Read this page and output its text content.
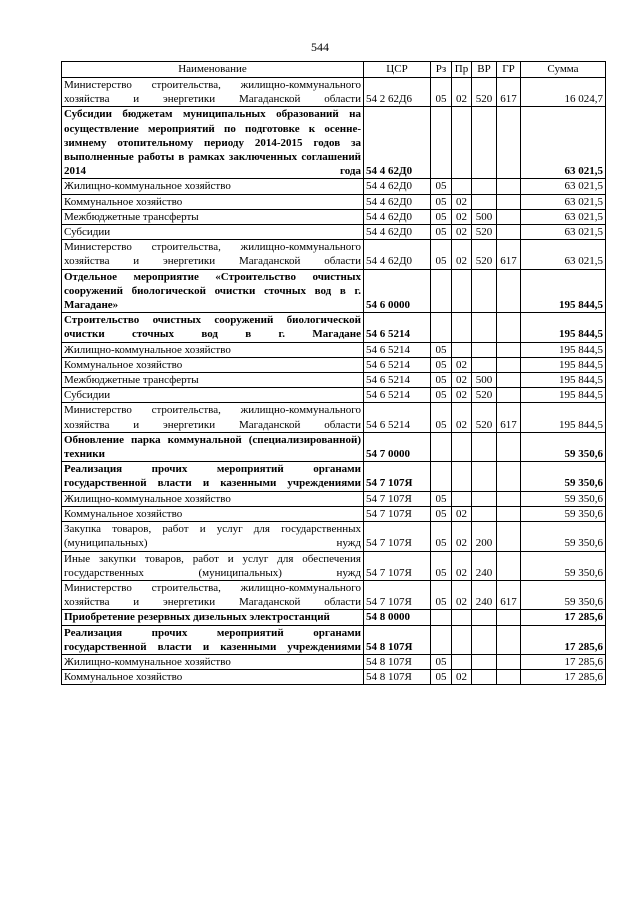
544
Наименование	ЦСР	Рз	Пр	ВР	ГР	Сумма
Министерство строительства, жилищно-коммунального хозяйства и энергетики Магаданской области	54 2 62Д6	05	02	520	617	16 024,7
Субсидии бюджетам муниципальных образований на осуществление мероприятий по подготовке к осенне-зимнему отопительному периоду 2014-2015 годов за выполненные работы в рамках заключенных соглашений 2014 года	54 4 62Д0					63 021,5
Жилищно-коммунальное хозяйство	54 4 62Д0	05				63 021,5
Коммунальное хозяйство	54 4 62Д0	05	02			63 021,5
Межбюджетные трансферты	54 4 62Д0	05	02	500		63 021,5
Субсидии	54 4 62Д0	05	02	520		63 021,5
Министерство строительства, жилищно-коммунального хозяйства и энергетики Магаданской области	54 4 62Д0	05	02	520	617	63 021,5
Отдельное мероприятие «Строительство очистных сооружений биологической очистки сточных вод в г. Магадане»	54 6 0000					195 844,5
Строительство очистных сооружений биологической очистки сточных вод в г. Магадане	54 6 5214					195 844,5
Жилищно-коммунальное хозяйство	54 6 5214	05				195 844,5
Коммунальное хозяйство	54 6 5214	05	02			195 844,5
Межбюджетные трансферты	54 6 5214	05	02	500		195 844,5
Субсидии	54 6 5214	05	02	520		195 844,5
Министерство строительства, жилищно-коммунального хозяйства и энергетики Магаданской области	54 6 5214	05	02	520	617	195 844,5
Обновление парка коммунальной (специализированной) техники	54 7 0000					59 350,6
Реализация прочих мероприятий органами государственной власти и казенными учреждениями	54 7 107Я					59 350,6
Жилищно-коммунальное хозяйство	54 7 107Я	05				59 350,6
Коммунальное хозяйство	54 7 107Я	05	02			59 350,6
Закупка товаров, работ и услуг для государственных (муниципальных) нужд	54 7 107Я	05	02	200		59 350,6
Иные закупки товаров, работ и услуг для обеспечения государственных (муниципальных) нужд	54 7 107Я	05	02	240		59 350,6
Министерство строительства, жилищно-коммунального хозяйства и энергетики Магаданской области	54 7 107Я	05	02	240	617	59 350,6
Приобретение резервных дизельных электростанций	54 8 0000					17 285,6
Реализация прочих мероприятий органами государственной власти и казенными учреждениями	54 8 107Я					17 285,6
Жилищно-коммунальное хозяйство	54 8 107Я	05				17 285,6
Коммунальное хозяйство	54 8 107Я	05	02			17 285,6
